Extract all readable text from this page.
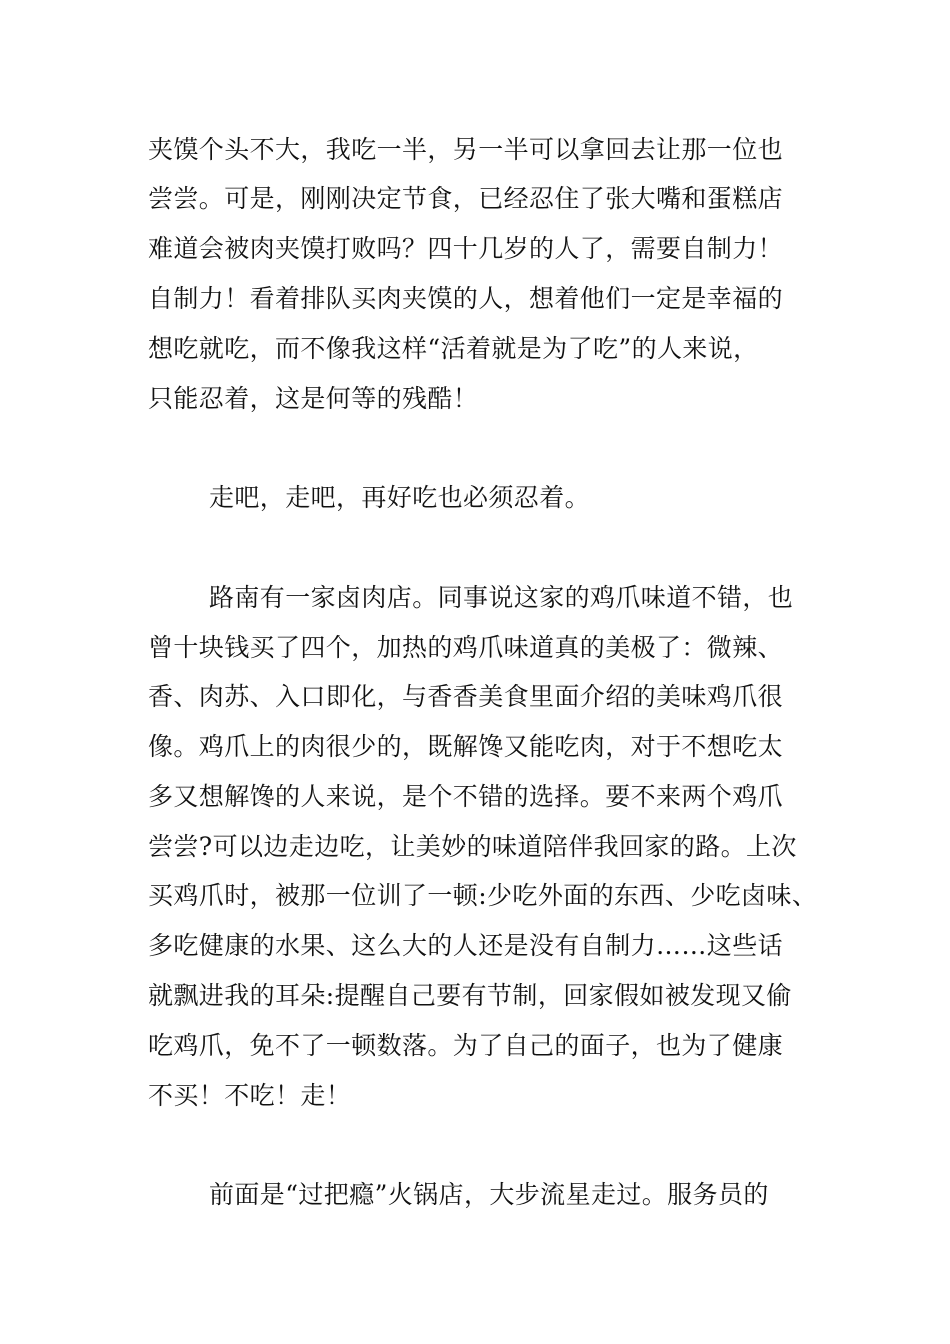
夹馍个头不大，我吃一半，另一半可以拿回去让那一位也
尝尝。可是，刚刚决定节食，已经忍住了张大嘴和蛋糕店
难道会被肉夹馍打败吗？四十几岁的人了，需要自制力！
自制力！看着排队买肉夹馍的人，想着他们一定是幸福的
想吃就吃，而不像我这样“活着就是为了吃”的人来说，
只能忍着，这是何等的残酷！
走吧，走吧，再好吃也必须忍着。
路南有一家卤肉店。同事说这家的鸡爪味道不错，也
曾十块钱买了四个，加热的鸡爪味道真的美极了：微辣、
香、肉苏、入口即化，与香香美食里面介绍的美味鸡爪很
像。鸡爪上的肉很少的，既解馋又能吃肉，对于不想吃太
多又想解馋的人来说，是个不错的选择。要不来两个鸡爪
尝尝?可以边走边吃，让美妙的味道陪伴我回家的路。上次
买鸡爪时，被那一位训了一顿:少吃外面的东西、少吃卤味、
多吃健康的水果、这么大的人还是没有自制力……这些话
就飘进我的耳朵:提醒自己要有节制，回家假如被发现又偷
吃鸡爪，免不了一顿数落。为了自己的面子，也为了健康
不买！不吃！走！
前面是“过把瘾”火锅店，大步流星走过。服务员的
